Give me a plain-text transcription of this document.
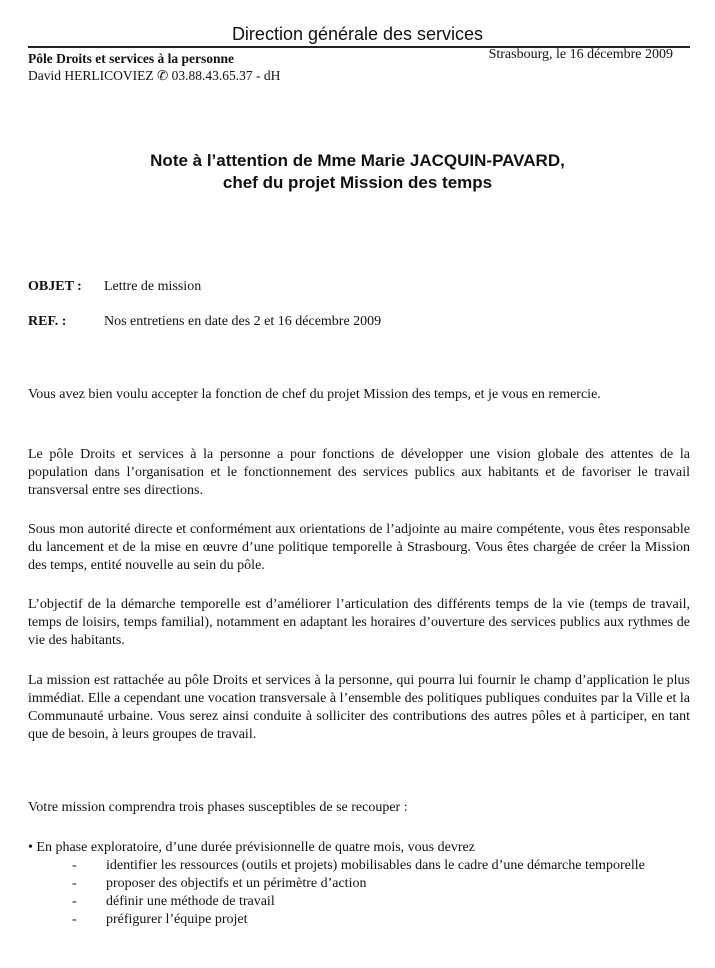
Direction générale des services
Pôle Droits et services à la personne	Strasbourg, le 16 décembre 2009
David HERLICOVIEZ ✆ 03.88.43.65.37 - dH
Note à l’attention de Mme Marie JACQUIN-PAVARD,
chef du projet Mission des temps
OBJET : Lettre de mission
REF. :	Nos entretiens en date des 2 et 16 décembre 2009
Vous avez bien voulu accepter la fonction de chef du projet Mission des temps, et je vous en remercie.
Le pôle Droits et services à la personne a pour fonctions de développer une vision globale des attentes de la population dans l’organisation et le fonctionnement des services publics aux habitants et de favoriser le travail transversal entre ses directions.
Sous mon autorité directe et conformément aux orientations de l’adjointe au maire compétente, vous êtes responsable du lancement et de la mise en œuvre d’une politique temporelle à Strasbourg. Vous êtes chargée de créer la Mission des temps, entité nouvelle au sein du pôle.
L’objectif de la démarche temporelle est d’améliorer l’articulation des différents temps de la vie (temps de travail, temps de loisirs, temps familial), notamment en adaptant les horaires d’ouverture des services publics aux rythmes de vie des habitants.
La mission est rattachée au pôle Droits et services à la personne, qui pourra lui fournir le champ d’application le plus immédiat. Elle a cependant une vocation transversale à l’ensemble des politiques publiques conduites par la Ville et la Communauté urbaine. Vous serez ainsi conduite à solliciter des contributions des autres pôles et à participer, en tant que de besoin, à leurs groupes de travail.
Votre mission comprendra trois phases susceptibles de se recouper :
• En phase exploratoire, d’une durée prévisionnelle de quatre mois, vous devrez
- identifier les ressources (outils et projets) mobilisables dans le cadre d’une démarche temporelle
- proposer des objectifs et un périmètre d’action
- définir une méthode de travail
- préfigurer l’équipe projet
